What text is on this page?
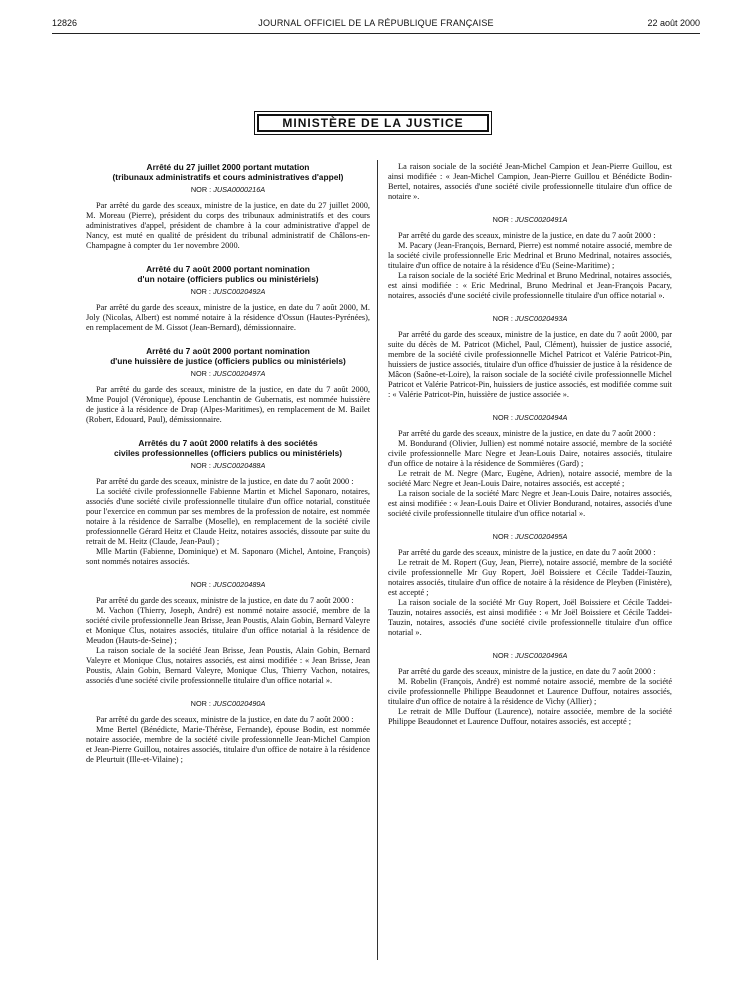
12826	JOURNAL OFFICIEL DE LA RÉPUBLIQUE FRANÇAISE	22 août 2000
MINISTÈRE DE LA JUSTICE
Arrêté du 27 juillet 2000 portant mutation
(tribunaux administratifs et cours administratives d'appel)
NOR : JUSA0000216A

Par arrêté du garde des sceaux, ministre de la justice, en date du 27 juillet 2000, M. Moreau (Pierre), président du corps des tribunaux administratifs et des cours administratives d'appel, président de chambre à la cour administrative d'appel de Nancy, est muté en qualité de président du tribunal administratif de Châlons-en-Champagne à compter du 1er novembre 2000.

Arrêté du 7 août 2000 portant nomination
d'un notaire (officiers publics ou ministériels)
NOR : JUSC0020492A

Par arrêté du garde des sceaux, ministre de la justice, en date du 7 août 2000, M. Joly (Nicolas, Albert) est nommé notaire à la résidence d'Ossun (Hautes-Pyrénées), en remplacement de M. Gissot (Jean-Bernard), démissionnaire.

Arrêté du 7 août 2000 portant nomination
d'une huissière de justice (officiers publics ou ministériels)
NOR : JUSC0020497A

Par arrêté du garde des sceaux, ministre de la justice, en date du 7 août 2000, Mme Poujol (Véronique), épouse Lenchantin de Gubernatis, est nommée huissière de justice à la résidence de Drap (Alpes-Maritimes), en remplacement de M. Bailet (Robert, Edouard, Paul), démissionnaire.

Arrêtés du 7 août 2000 relatifs à des sociétés
civiles professionnelles (officiers publics ou ministériels)
NOR : JUSC0020488A

Par arrêté du garde des sceaux, ministre de la justice, en date du 7 août 2000 :

La société civile professionnelle Fabienne Martin et Michel Saponaro, notaires, associés d'une société civile professionnelle titulaire d'un office notarial, constituée pour l'exercice en commun par ses membres de la profession de notaire, est nommée notaire à la résidence de Sarralbe (Moselle), en remplacement de la société civile professionnelle Gérard Heitz et Claude Heitz, notaires associés, dissoute par suite du retrait de M. Heitz (Claude, Jean-Paul) ;

Mlle Martin (Fabienne, Dominique) et M. Saponaro (Michel, Antoine, François) sont nommés notaires associés.

NOR : JUSC0020489A

Par arrêté du garde des sceaux, ministre de la justice, en date du 7 août 2000 :

M. Vachon (Thierry, Joseph, André) est nommé notaire associé, membre de la société civile professionnelle Jean Brisse, Jean Poustis, Alain Gobin, Bernard Valeyre et Monique Clus, notaires associés, titulaire d'un office notarial à la résidence de Meudon (Hauts-de-Seine) ;

La raison sociale de la société Jean Brisse, Jean Poustis, Alain Gobin, Bernard Valeyre et Monique Clus, notaires associés, est ainsi modifiée : « Jean Brisse, Jean Poustis, Alain Gobin, Bernard Valeyre, Monique Clus, Thierry Vachon, notaires, associés d'une société civile professionnelle titulaire d'un office notarial ».

NOR : JUSC0020490A

Par arrêté du garde des sceaux, ministre de la justice, en date du 7 août 2000 :

Mme Bertel (Bénédicte, Marie-Thérèse, Fernande), épouse Bodin, est nommée notaire associée, membre de la société civile professionnelle Jean-Michel Campion et Jean-Pierre Guillou, notaires associés, titulaire d'un office de notaire à la résidence de Pleurtuit (Ille-et-Vilaine) ;

La raison sociale de la société Jean-Michel Campion et Jean-Pierre Guillou, est ainsi modifiée : « Jean-Michel Campion, Jean-Pierre Guillou et Bénédicte Bodin-Bertel, notaires, associés d'une société civile professionnelle titulaire d'un office de notaire ».

NOR : JUSC0020491A

Par arrêté du garde des sceaux, ministre de la justice, en date du 7 août 2000 :

M. Pacary (Jean-François, Bernard, Pierre) est nommé notaire associé, membre de la société civile professionnelle Eric Medrinal et Bruno Medrinal, notaires associés, titulaire d'un office de notaire à la résidence d'Eu (Seine-Maritime) ;

La raison sociale de la société Eric Medrinal et Bruno Medrinal, notaires associés, est ainsi modifiée : « Eric Medrinal, Bruno Medrinal et Jean-François Pacary, notaires, associés d'une société civile professionnelle titulaire d'un office notarial ».

NOR : JUSC0020493A

Par arrêté du garde des sceaux, ministre de la justice, en date du 7 août 2000, par suite du décès de M. Patricot (Michel, Paul, Clément), huissier de justice associé, membre de la société civile professionnelle Michel Patricot et Valérie Patricot-Pin, huissiers de justice associés, titulaire d'un office d'huissier de justice à la résidence de Mâcon (Saône-et-Loire), la raison sociale de la société civile professionnelle Michel Patricot et Valérie Patricot-Pin, huissiers de justice associés, est modifiée comme suit : « Valérie Patricot-Pin, huissière de justice associée ».

NOR : JUSC0020494A

Par arrêté du garde des sceaux, ministre de la justice, en date du 7 août 2000 :

M. Bondurand (Olivier, Jullien) est nommé notaire associé, membre de la société civile professionnelle Marc Negre et Jean-Louis Daire, notaires associés, titulaire d'un office de notaire à la résidence de Sommières (Gard) ;

Le retrait de M. Negre (Marc, Eugène, Adrien), notaire associé, membre de la société Marc Negre et Jean-Louis Daire, notaires associés, est accepté ;

La raison sociale de la société Marc Negre et Jean-Louis Daire, notaires associés, est ainsi modifiée : « Jean-Louis Daire et Olivier Bondurand, notaires, associés d'une société civile professionnelle titulaire d'un office notarial ».

NOR : JUSC0020495A

Par arrêté du garde des sceaux, ministre de la justice, en date du 7 août 2000 :

Le retrait de M. Ropert (Guy, Jean, Pierre), notaire associé, membre de la société civile professionnelle Mr Guy Ropert, Joël Boissiere et Cécile Taddei-Tauzin, notaires associés, titulaire d'un office de notaire à la résidence de Pleyben (Finistère), est accepté ;

La raison sociale de la société Mr Guy Ropert, Joël Boissiere et Cécile Taddei-Tauzin, notaires associés, est ainsi modifiée : « Mr Joël Boissiere et Cécile Taddei-Tauzin, notaires, associés d'une société civile professionnelle titulaire d'un office notarial ».

NOR : JUSC0020496A

Par arrêté du garde des sceaux, ministre de la justice, en date du 7 août 2000 :

M. Robelin (François, André) est nommé notaire associé, membre de la société civile professionnelle Philippe Beaudonnet et Laurence Duffour, notaires associés, titulaire d'un office de notaire à la résidence de Vichy (Allier) ;

Le retrait de Mlle Duffour (Laurence), notaire associée, membre de la société Philippe Beaudonnet et Laurence Duffour, notaires associés, est accepté ;
